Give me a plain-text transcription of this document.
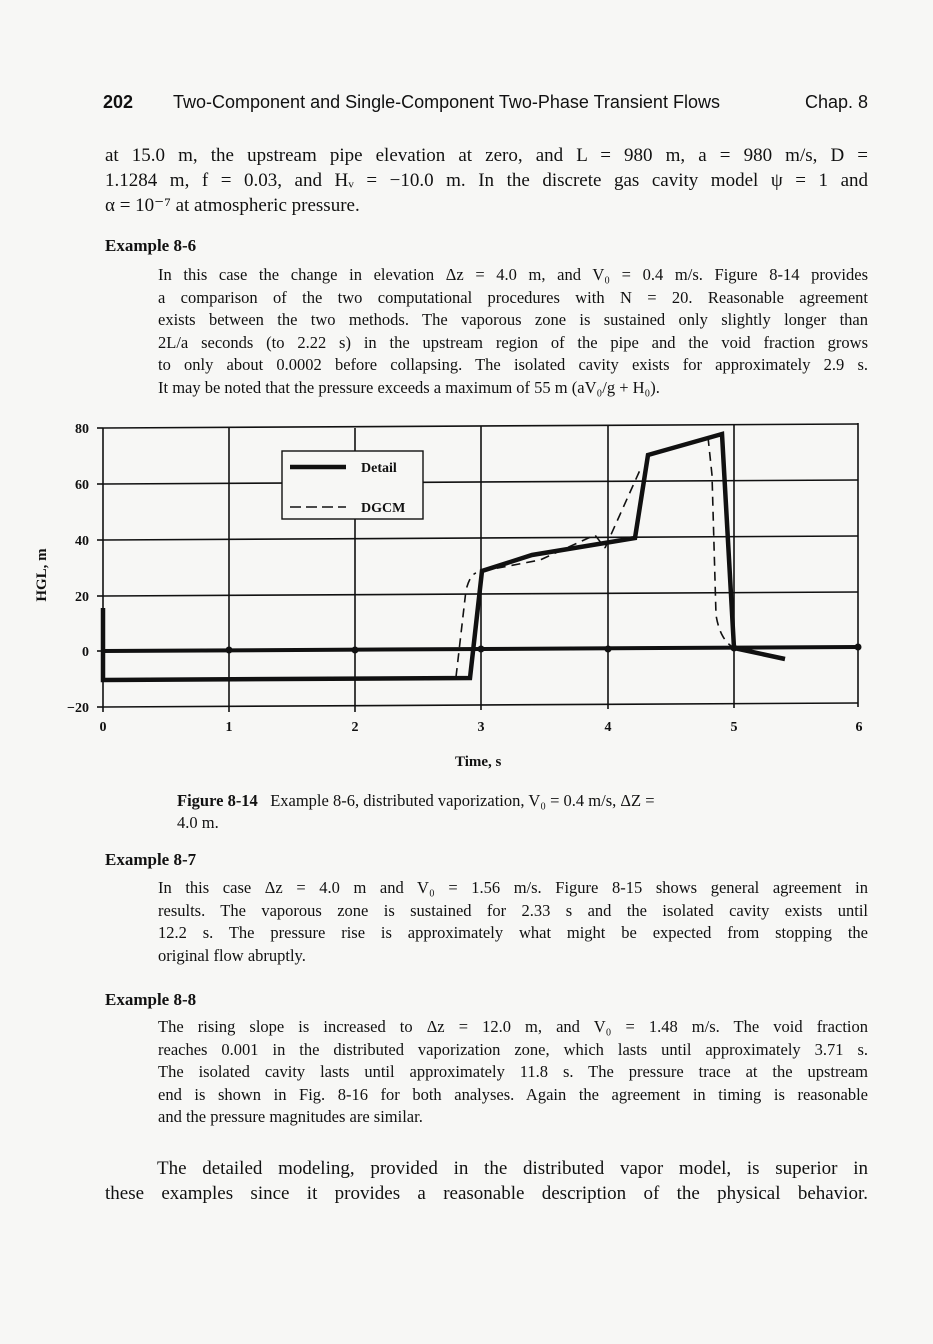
202 Two-Component and Single-Component Two-Phase Transient Flows	Chap. 8
at 15.0 m, the upstream pipe elevation at zero, and L = 980 m, a = 980 m/s, D =
1.1284 m, f = 0.03, and Hᵥ = −10.0 m. In the discrete gas cavity model ψ = 1 and
α = 10⁻⁷ at atmospheric pressure.
Example 8-6
In this case the change in elevation Δz = 4.0 m, and V₀ = 0.4 m/s. Figure 8-14 provides
a comparison of the two computational procedures with N = 20. Reasonable agreement
exists between the two methods. The vaporous zone is sustained only slightly longer than
2L/a seconds (to 2.22 s) in the upstream region of the pipe and the void fraction grows
to only about 0.0002 before collapsing. The isolated cavity exists for approximately 2.9 s.
It may be noted that the pressure exceeds a maximum of 55 m (aV₀/g + H₀).
Detail
DGCM
80
60
40
20
0
−20
0	1	2	3	4	5	6
HGL, m
Time, s
Figure 8-14 Example 8-6, distributed vaporization, V₀ = 0.4 m/s, ΔZ =
4.0 m.
Example 8-7
In this case Δz = 4.0 m and V₀ = 1.56 m/s. Figure 8-15 shows general agreement in
results. The vaporous zone is sustained for 2.33 s and the isolated cavity exists until
12.2 s. The pressure rise is approximately what might be expected from stopping the
original flow abruptly.
Example 8-8
The rising slope is increased to Δz = 12.0 m, and V₀ = 1.48 m/s. The void fraction
reaches 0.001 in the distributed vaporization zone, which lasts until approximately 3.71 s.
The isolated cavity lasts until approximately 11.8 s. The pressure trace at the upstream
end is shown in Fig. 8-16 for both analyses. Again the agreement in timing is reasonable
and the pressure magnitudes are similar.
The detailed modeling, provided in the distributed vapor model, is superior in
these examples since it provides a reasonable description of the physical behavior.
